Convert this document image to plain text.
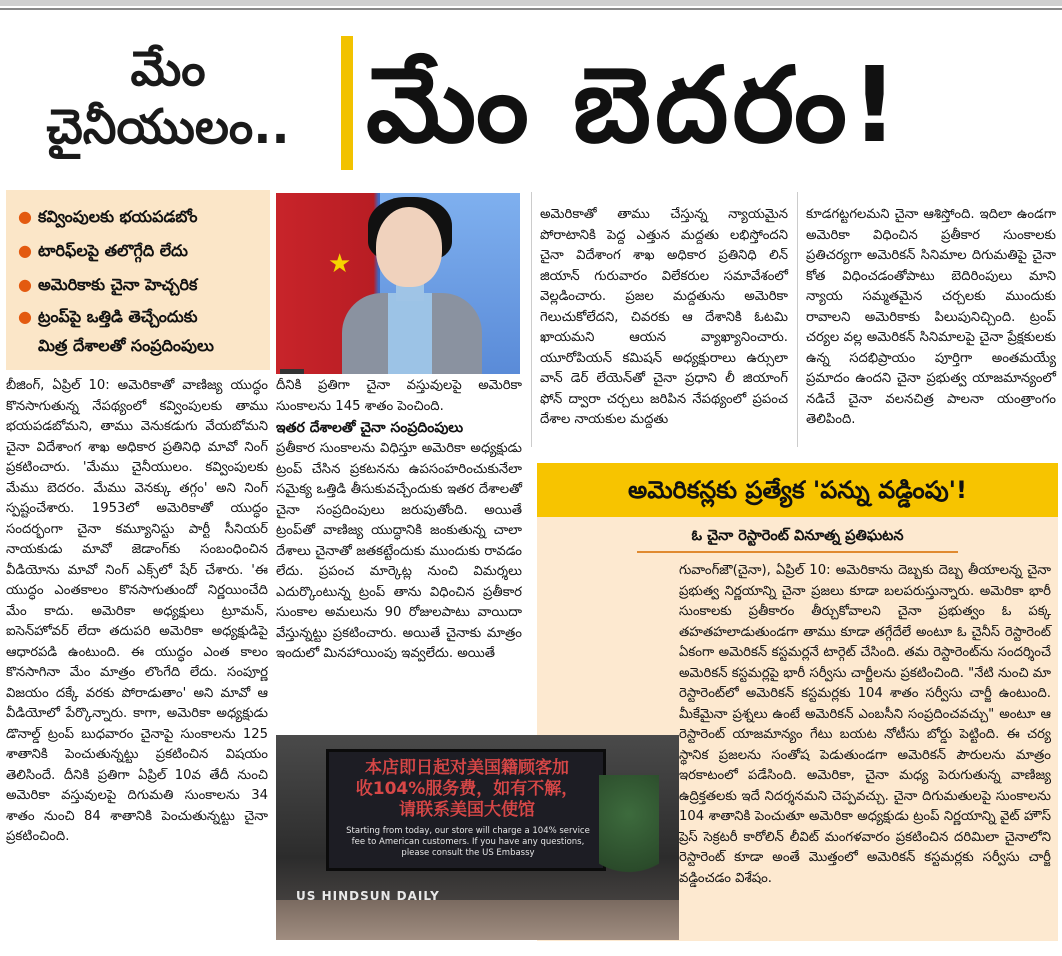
మేం
చైనీయులం.. మేం బెదరం!
● కవ్వింపులకు భయపడబోం
● టారిఫ్‌లపై తలొగ్గేది లేదు
● అమెరికాకు చైనా హెచ్చరిక
● ట్రంప్‌పై ఒత్తిడి తెచ్చేందుకు
మిత్ర దేశాలతో సంప్రదింపులు
★

బీజింగ్, ఏప్రిల్ 10: అమెరికాతో వాణిజ్య యుద్ధం కొనసాగుతున్న నేపథ్యంలో కవ్వింపులకు తాము భయపడబోమని, తాము వెనుకడుగు వేయబోమని చైనా విదేశాంగ శాఖ అధికార ప్రతినిధి మావో నింగ్ ప్రకటించారు. 'మేము చైనీయులం. కవ్వింపులకు మేము బెదరం. మేము వెనక్కు తగ్గం' అని నింగ్ స్పష్టంచేశారు. 1953లో అమెరికాతో యుద్ధం సందర్భంగా చైనా కమ్యూనిస్టు పార్టీ సీనియర్ నాయకుడు మావో జెడాంగ్‌కు సంబంధించిన వీడియోను మావో నింగ్ ఎక్స్‌లో షేర్ చేశారు. 'ఈ యుద్ధం ఎంతకాలం కొనసాగుతుందో నిర్ణయించేది మేం కాదు. అమెరికా అధ్యక్షులు ట్రూమన్, ఐసెన్‌హోవర్ లేదా తదుపరి అమెరికా అధ్యక్షుడిపై ఆధారపడి ఉంటుంది. ఈ యుద్ధం ఎంత కాలం కొనసాగినా మేం మాత్రం లొంగేది లేదు. సంపూర్ణ విజయం దక్కే వరకు పోరాడుతాం' అని మావో ఆ వీడియోలో పేర్కొన్నారు. కాగా, అమెరికా అధ్యక్షుడు డొనాల్డ్ ట్రంప్ బుధవారం చైనాపై సుంకాలను 125 శాతానికి పెంచుతున్నట్టు ప్రకటించిన విషయం తెలిసిందే. దీనికి ప్రతిగా ఏప్రిల్ 10వ తేదీ నుంచి అమెరికా వస్తువులపై దిగుమతి సుంకాలను 34 శాతం నుంచి 84 శాతానికి పెంచుతున్నట్టు చైనా ప్రకటించింది.

దీనికి ప్రతిగా చైనా వస్తువులపై అమెరికా సుంకాలను 145 శాతం పెంచింది.

ఇతర దేశాలతో చైనా సంప్రదింపులు

ప్రతీకార సుంకాలను విధిస్తూ అమెరికా అధ్యక్షుడు ట్రంప్ చేసిన ప్రకటనను ఉపసంహరించుకునేలా సమైక్య ఒత్తిడి తీసుకువచ్చేందుకు ఇతర దేశాలతో చైనా సంప్రదింపులు జరుపుతోంది. అయితే ట్రంప్‌తో వాణిజ్య యుద్ధానికి జంకుతున్న చాలా దేశాలు చైనాతో జతకట్టేందుకు ముందుకు రావడం లేదు. ప్రపంచ మార్కెట్ల నుంచి విమర్శలు ఎదుర్కొంటున్న ట్రంప్ తాను విధించిన ప్రతీకార సుంకాల అమలును 90 రోజులపాటు వాయిదా వేస్తున్నట్టు ప్రకటించారు. అయితే చైనాకు మాత్రం ఇందులో మినహాయింపు ఇవ్వలేదు. అయితే

అమెరికాతో తాము చేస్తున్న న్యాయమైన పోరాటానికి పెద్ద ఎత్తున మద్దతు లభిస్తోందని చైనా విదేశాంగ శాఖ అధికార ప్రతినిధి లిన్ జియాన్ గురువారం విలేకరుల సమావేశంలో వెల్లడించారు. ప్రజల మద్దతును అమెరికా గెలుచుకోలేదని, చివరకు ఆ దేశానికి ఓటమి ఖాయమని ఆయన వ్యాఖ్యానించారు. యూరోపియన్ కమిషన్ అధ్యక్షురాలు ఉర్సులా వాన్ డెర్ లేయెన్‌తో చైనా ప్రధాని లీ జియాంగ్ ఫోన్ ద్వారా చర్చలు జరిపిన నేపథ్యంలో ప్రపంచ దేశాల నాయకుల మద్దతు

కూడగట్టగలమని చైనా ఆశిస్తోంది. ఇదిలా ఉండగా అమెరికా విధించిన ప్రతీకార సుంకాలకు ప్రతిచర్యగా అమెరికన్ సినిమాల దిగుమతిపై చైనా కోత విధించడంతోపాటు బెదిరింపులు మాని న్యాయ సమ్మతమైన చర్చలకు ముందుకు రావాలని అమెరికాకు పిలుపునిచ్చింది. ట్రంప్ చర్యల వల్ల అమెరికన్ సినిమాలపై చైనా ప్రేక్షకులకు ఉన్న సదభిప్రాయం పూర్తిగా అంతమయ్యే ప్రమాదం ఉందని చైనా ప్రభుత్వ యాజమాన్యంలో నడిచే చైనా వలనచిత్ర పాలనా యంత్రాంగం తెలిపింది.

అమెరికన్లకు ప్రత్యేక 'పన్ను వడ్డింపు'!
ఓ చైనా రెస్టారెంట్ వినూత్న ప్రతిఘటన
గువాంగ్‌జౌ(చైనా), ఏప్రిల్ 10: అమెరికాను దెబ్బకు దెబ్బ తీయాలన్న చైనా ప్రభుత్వ నిర్ణయాన్ని చైనా ప్రజలు కూడా బలపరుస్తున్నారు. అమెరికా భారీ సుంకాలకు ప్రతీకారం తీర్చుకోవాలని చైనా ప్రభుత్వం ఓ పక్క తహతహలాడుతుండగా తాము కూడా తగ్గేదేలే అంటూ ఓ చైనీస్ రెస్టారెంట్ ఏకంగా అమెరికన్ కస్టమర్లనే టార్గెట్ చేసింది. తమ రెస్టారెంట్‌ను సందర్శించే అమెరికన్ కస్టమర్లపై భారీ సర్వీసు చార్జీలను ప్రకటించింది. "నేటి నుంచి మా రెస్టారెంట్‌లో అమెరికన్ కస్టమర్లకు 104 శాతం సర్వీసు చార్జీ ఉంటుంది. మీకేమైనా ప్రశ్నలు ఉంటే అమెరికన్ ఎంబసీని సంప్రదించవచ్చు" అంటూ ఆ రెస్టారెంట్ యాజమాన్యం గేటు బయట నోటీసు బోర్డు పెట్టింది. ఈ చర్య స్థానిక ప్రజలను సంతోష పెడుతుండగా అమెరికన్ పౌరులను మాత్రం ఇరకాటంలో పడేసింది. అమెరికా, చైనా మధ్య పెరుగుతున్న వాణిజ్య ఉద్రిక్తతలకు ఇదే నిదర్శనమని చెప్పవచ్చు. చైనా దిగుమతులపై సుంకాలను 104 శాతానికి పెంచుతూ అమెరికా అధ్యక్షుడు ట్రంప్ నిర్ణయాన్ని వైట్ హౌస్ ప్రెస్ సెక్రటరీ కారోలిన్ లీవిట్ మంగళవారం ప్రకటించిన దరిమిలా చైనాలోని రెస్టారెంట్ కూడా అంతే మొత్తంలో అమెరికన్ కస్టమర్లకు సర్వీసు చార్జీ వడ్డించడం విశేషం.
本店即日起对美国籍顾客加
收104%服务费，如有不解，
请联系美国大使馆
Starting from today, our store will charge a 104% service fee to American customers. If you have any questions, please consult the US Embassy
US HINDSUN DAILY
